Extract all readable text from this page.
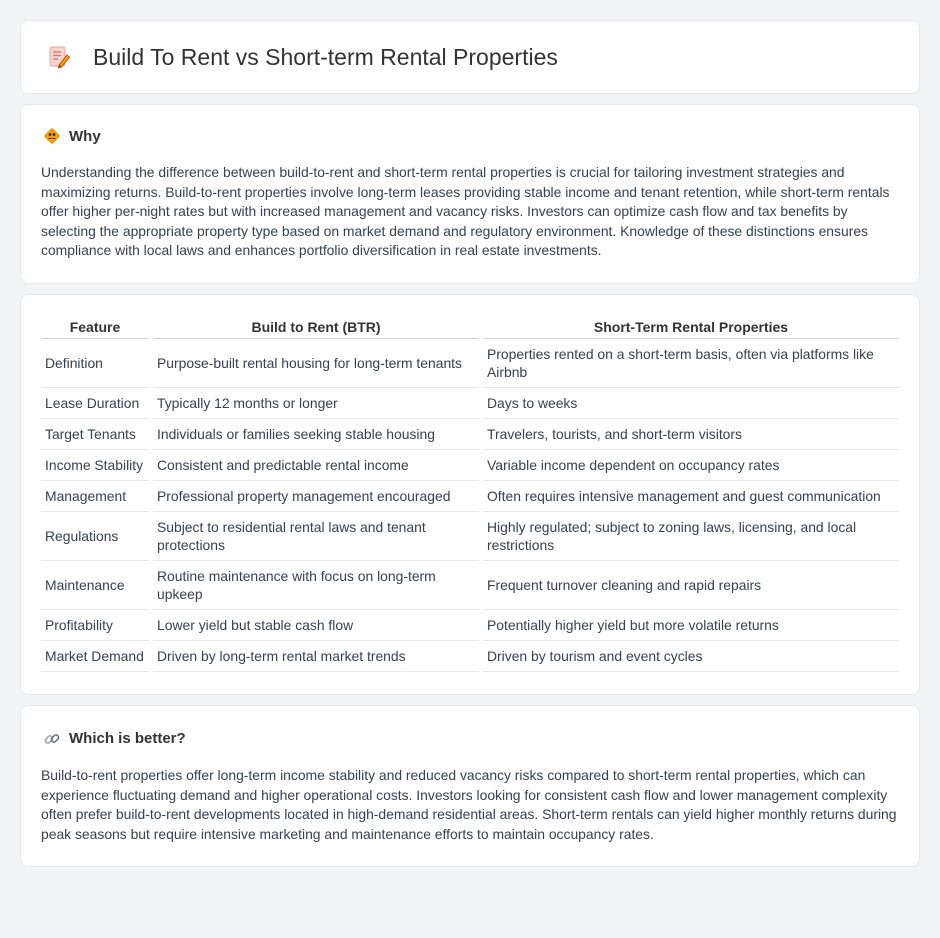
Build To Rent vs Short-term Rental Properties
Why

Understanding the difference between build-to-rent and short-term rental properties is crucial for tailoring investment strategies and maximizing returns. Build-to-rent properties involve long-term leases providing stable income and tenant retention, while short-term rentals offer higher per-night rates but with increased management and vacancy risks. Investors can optimize cash flow and tax benefits by selecting the appropriate property type based on market demand and regulatory environment. Knowledge of these distinctions ensures compliance with local laws and enhances portfolio diversification in real estate investments.

Feature	Build to Rent (BTR)	Short-Term Rental Properties
Definition	Purpose-built rental housing for long-term tenants	Properties rented on a short-term basis, often via platforms like Airbnb
Lease Duration	Typically 12 months or longer	Days to weeks
Target Tenants	Individuals or families seeking stable housing	Travelers, tourists, and short-term visitors
Income Stability	Consistent and predictable rental income	Variable income dependent on occupancy rates
Management	Professional property management encouraged	Often requires intensive management and guest communication
Regulations	Subject to residential rental laws and tenant protections	Highly regulated; subject to zoning laws, licensing, and local restrictions
Maintenance	Routine maintenance with focus on long-term upkeep	Frequent turnover cleaning and rapid repairs
Profitability	Lower yield but stable cash flow	Potentially higher yield but more volatile returns
Market Demand	Driven by long-term rental market trends	Driven by tourism and event cycles
Which is better?

Build-to-rent properties offer long-term income stability and reduced vacancy risks compared to short-term rental properties, which can experience fluctuating demand and higher operational costs. Investors looking for consistent cash flow and lower management complexity often prefer build-to-rent developments located in high-demand residential areas. Short-term rentals can yield higher monthly returns during peak seasons but require intensive marketing and maintenance efforts to maintain occupancy rates.
